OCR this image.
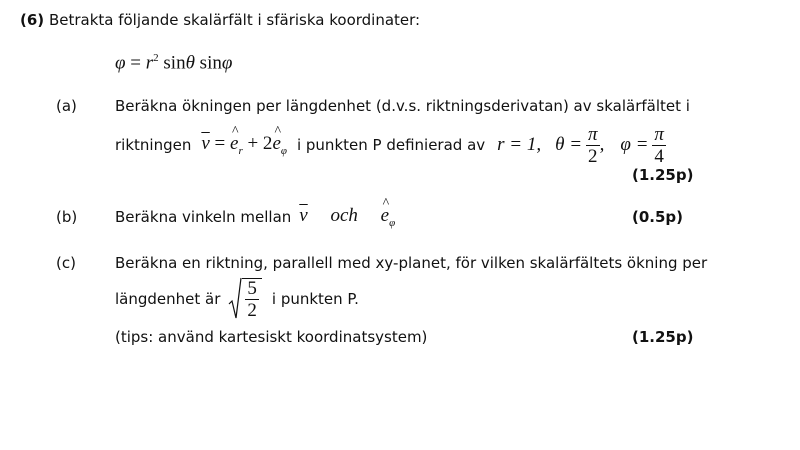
(6) Betrakta följande skalärfält i sfäriska koordinater:
$\varphi = r^2$ sinθ sinφ
(a)	Beräkna ökningen per längdenhet (d.v.s. riktningsderivatan) av skalärfältet i
riktningen $\overline{v}$ = ^ $e_r$ + 2^ $e_\varphi$ i punkten P definierad av r = 1, $\theta = \frac{\pi}{2}$ , $\varphi = \frac{\pi}{4}$
(1.25p)
(b)	Beräkna vinkeln mellan $\overline{v}$ och ^ $e_\varphi$	(0.5p)
(c)	Beräkna en riktning, parallell med xy-planet, för vilken skalärfältets ökning per
längdenhet är $\frac{5}{2}$ i punkten P.
(tips: använd kartesiskt koordinatsystem)	(1.25p)
